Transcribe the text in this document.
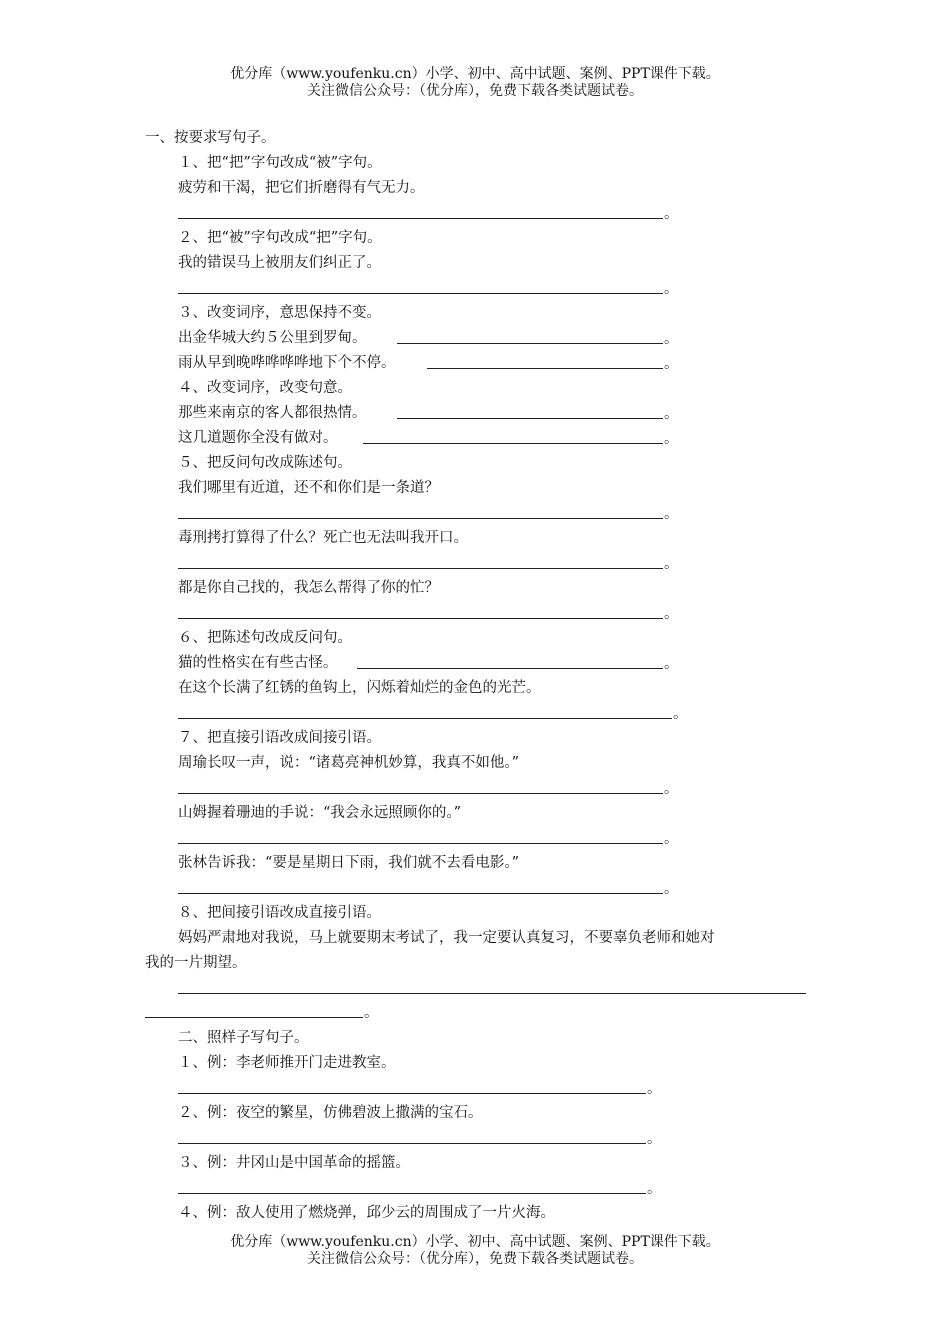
优分库（www.youfenku.cn）小学、初中、高中试题、案例、PPT课件下载。
关注微信公众号：（优分库），免费下载各类试题试卷。
一、按要求写句子。
１、把“把”字句改成“被”字句。
疲劳和干渴，把它们折磨得有气无力。
。
２、把“被”字句改成“把”字句。
我的错误马上被朋友们纠正了。
。
３、改变词序，意思保持不变。
出金华城大约５公里到罗甸。	。
雨从早到晚哗哗哗哗地下个不停。	。
４、改变词序，改变句意。
那些来南京的客人都很热情。	。
这几道题你全没有做对。	。
５、把反问句改成陈述句。
我们哪里有近道，还不和你们是一条道？
。
毒刑拷打算得了什么？死亡也无法叫我开口。
。
都是你自己找的，我怎么帮得了你的忙？
。
６、把陈述句改成反问句。
猫的性格实在有些古怪。	。
在这个长满了红锈的鱼钩上，闪烁着灿烂的金色的光芒。
。
７、把直接引语改成间接引语。
周瑜长叹一声，说：“诸葛亮神机妙算，我真不如他。”
。
山姆握着珊迪的手说：“我会永远照顾你的。”
。
张林告诉我：“要是星期日下雨，我们就不去看电影。”
。
８、把间接引语改成直接引语。
妈妈严肃地对我说，马上就要期末考试了，我一定要认真复习，不要辜负老师和她对
我的一片期望。
。
二、照样子写句子。
１、例：李老师推开门走进教室。
。
２、例：夜空的繁星，仿佛碧波上撒满的宝石。
。
３、例：井冈山是中国革命的摇篮。
。
４、例：敌人使用了燃烧弹，邱少云的周围成了一片火海。
优分库（www.youfenku.cn）小学、初中、高中试题、案例、PPT课件下载。
关注微信公众号：（优分库），免费下载各类试题试卷。
